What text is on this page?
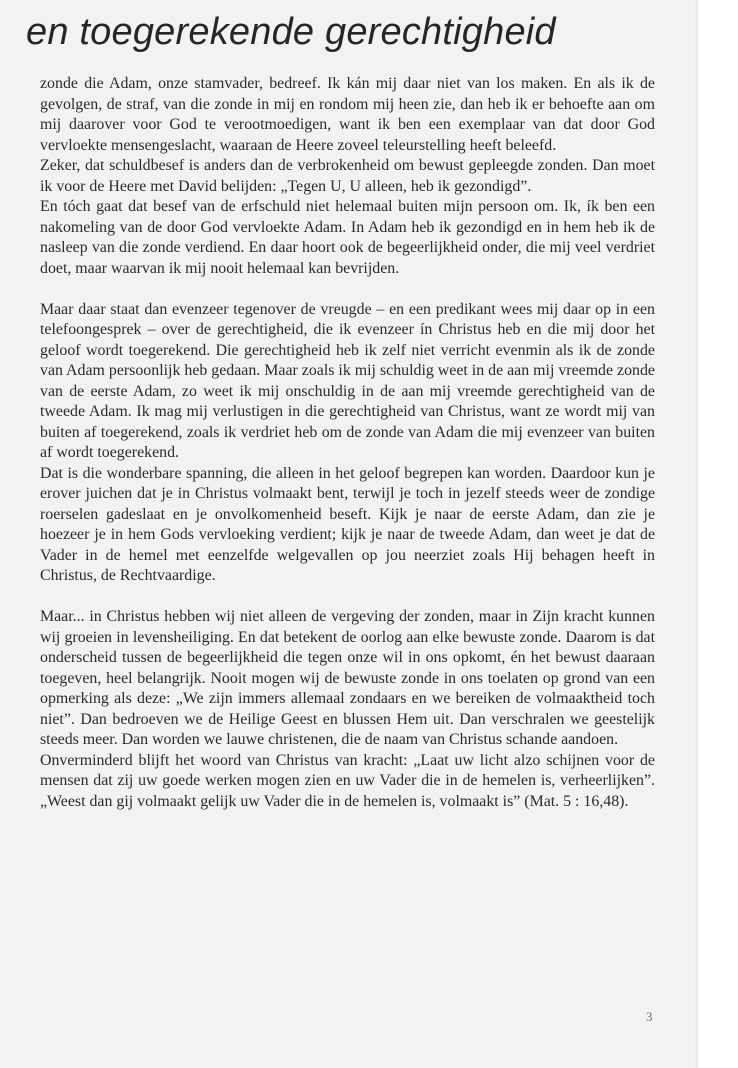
en toegerekende gerechtigheid

zonde die Adam, onze stamvader, bedreef. Ik kán mij daar niet van los maken. En als ik de gevolgen, de straf, van die zonde in mij en rondom mij heen zie, dan heb ik er behoefte aan om mij daarover voor God te verootmoedigen, want ik ben een exemplaar van dat door God vervloekte mensengeslacht, waaraan de Heere zoveel teleurstelling heeft beleefd.

Zeker, dat schuldbesef is anders dan de verbrokenheid om bewust gepleegde zonden. Dan moet ik voor de Heere met David belijden: „Tegen U, U alleen, heb ik gezondigd”.

En tóch gaat dat besef van de erfschuld niet helemaal buiten mijn persoon om. Ik, ík ben een nakomeling van de door God vervloekte Adam. In Adam heb ik gezondigd en in hem heb ik de nasleep van die zonde verdiend. En daar hoort ook de begeerlijkheid onder, die mij veel verdriet doet, maar waarvan ik mij nooit helemaal kan bevrijden.

Maar daar staat dan evenzeer tegenover de vreugde – en een predikant wees mij daar op in een telefoongesprek – over de gerechtigheid, die ik evenzeer ín Christus heb en die mij door het geloof wordt toegerekend. Die gerechtigheid heb ik zelf niet verricht evenmin als ik de zonde van Adam persoonlijk heb gedaan. Maar zoals ik mij schuldig weet in de aan mij vreemde zonde van de eerste Adam, zo weet ik mij onschuldig in de aan mij vreemde gerechtigheid van de tweede Adam. Ik mag mij verlustigen in die gerechtigheid van Christus, want ze wordt mij van buiten af toegerekend, zoals ik verdriet heb om de zonde van Adam die mij evenzeer van buiten af wordt toegerekend.

Dat is die wonderbare spanning, die alleen in het geloof begrepen kan worden. Daardoor kun je erover juichen dat je in Christus volmaakt bent, terwijl je toch in jezelf steeds weer de zondige roerselen gadeslaat en je onvolkomenheid beseft. Kijk je naar de eerste Adam, dan zie je hoezeer je in hem Gods vervloeking verdient; kijk je naar de tweede Adam, dan weet je dat de Vader in de hemel met eenzelfde welgevallen op jou neerziet zoals Hij behagen heeft in Christus, de Rechtvaardige.

Maar... in Christus hebben wij niet alleen de vergeving der zonden, maar in Zijn kracht kunnen wij groeien in levensheiliging. En dat betekent de oorlog aan elke bewuste zonde. Daarom is dat onderscheid tussen de begeerlijkheid die tegen onze wil in ons opkomt, én het bewust daaraan toegeven, heel belangrijk. Nooit mogen wij de bewuste zonde in ons toelaten op grond van een opmerking als deze: „We zijn immers allemaal zondaars en we bereiken de volmaaktheid toch niet”. Dan bedroeven we de Heilige Geest en blussen Hem uit. Dan verschralen we geestelijk steeds meer. Dan worden we lauwe christenen, die de naam van Christus schande aandoen.

Onverminderd blijft het woord van Christus van kracht: „Laat uw licht alzo schijnen voor de mensen dat zij uw goede werken mogen zien en uw Vader die in de hemelen is, verheerlijken”. „Weest dan gij volmaakt gelijk uw Vader die in de hemelen is, volmaakt is” (Mat. 5 : 16,48).

3
